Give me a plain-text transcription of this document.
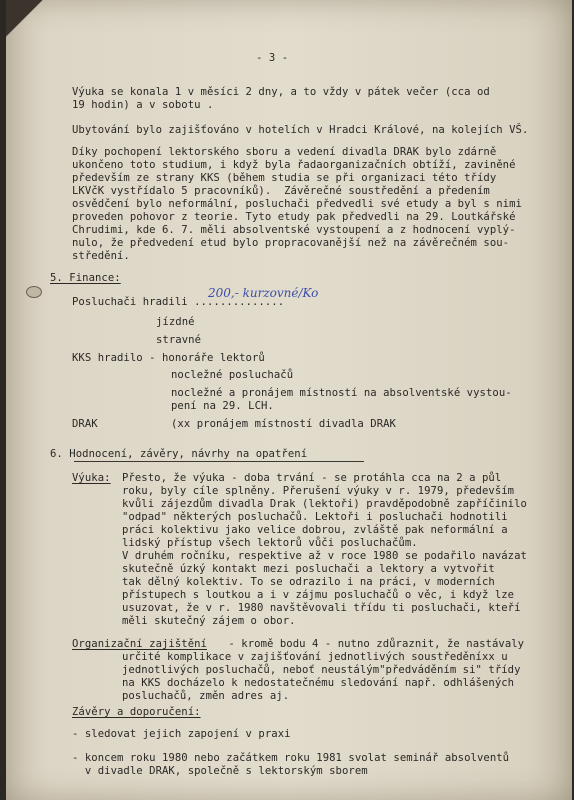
- 3 -
Výuka se konala 1 v měsíci 2 dny, a to vždy v pátek večer (cca od
19 hodin) a v sobotu .
Ubytování bylo zajišťováno v hotelích v Hradci Králové, na kolejích VŠ.
Díky pochopení lektorského sboru a vedení divadla DRAK bylo zdárně
ukončeno toto studium, i když byla řadaorganizačních obtíží, zaviněné
především ze strany KKS (během studia se při organizaci této třídy
LKVčK vystřídalo 5 pracovníků).  Závěrečné soustředění a předením
osvědčení bylo neformální, posluchači předvedli své etudy a byl s nimi
proveden pohovor z teorie. Tyto etudy pak předvedli na 29. Loutkářské
Chrudimi, kde 6. 7. měli absolventské vystoupení a z hodnocení vyplý-
nulo, že předvedení etud bylo propracovanější než na závěrečném sou-
středění.
5. Finance:
Posluchači hradili ..............
200,- kurzovné/Ko
jízdné
stravné
KKS hradilo - honoráře lektorů
nocležné posluchačů
nocležné a pronájem místností na absolventské vystou-
pení na 29. LCH.
DRAK	(xx pronájem místností divadla DRAK
6. Hodnocení, závěry, návrhy na opatření
Výuka: Přesto, že výuka - doba trvání - se protáhla cca na 2 a půl
roku, byly cíle splněny. Přerušení výuky v r. 1979, především
kvůli zájezdům divadla Drak (lektoři) pravděpodobně zapříčinilo
"odpad" některých posluchačů. Lektoři i posluchači hodnotili
práci kolektivu jako velice dobrou, zvláště pak neformální a
lidský přístup všech lektorů vůči posluchačům.
V druhém ročníku, respektive až v roce 1980 se podařilo navázat
skutečně úzký kontakt mezi posluchači a lektory a vytvořit
tak dělný kolektiv. To se odrazilo i na práci, v moderních
přístupech s loutkou a i v zájmu posluchačů o věc, i když lze
usuzovat, že v r. 1980 navštěvovali třídu ti posluchači, kteří
měli skutečný zájem o obor.
Organizační zajištění - kromě bodu 4 - nutno zdůraznit, že nastávaly
určité komplikace v zajišťování jednotlivých soustředěníxx u
jednotlivých posluchačů, neboť neustálým"předváděním si" třídy
na KKS docházelo k nedostatečnému sledování např. odhlášených
posluchačů, změn adres aj.
Závěry a doporučení:
- sledovat jejich zapojení v praxi
- koncem roku 1980 nebo začátkem roku 1981 svolat seminář absolventů
v divadle DRAK, společně s lektorským sborem
